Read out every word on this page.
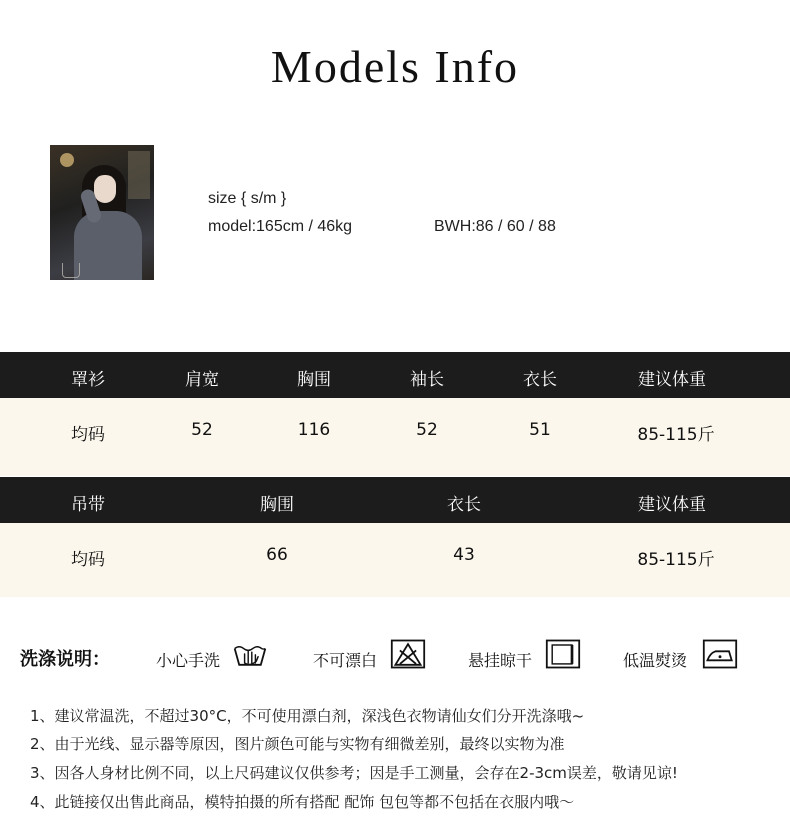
Models Info
size { s/m }
model:165cm / 46kg	BWH:86 / 60 / 88
罩衫	肩宽	胸围	袖长	衣长	建议体重
均码	52	116	52	51	85-115斤
吊带	胸围	衣长	建议体重
均码	66	43	85-115斤
洗涤说明：	小心手洗	不可漂白	悬挂晾干	低温熨烫
1、建议常温洗，不超过30°C，不可使用漂白剂，深浅色衣物请仙女们分开洗涤哦~
2、由于光线、显示器等原因，图片颜色可能与实物有细微差别，最终以实物为准
3、因各人身材比例不同，以上尺码建议仅供参考；因是手工测量，会存在2-3cm误差，敬请见谅!
4、此链接仅出售此商品，模特拍摄的所有搭配 配饰 包包等都不包括在衣服内哦～
